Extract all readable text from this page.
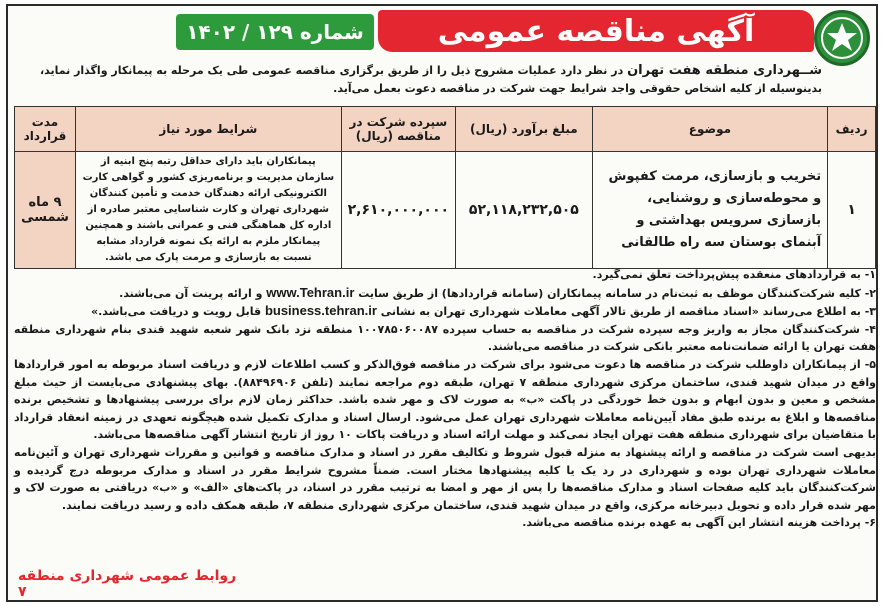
آگهی مناقصه عمومی
شماره ۱۲۹ / ۱۴۰۲
شــهرداری منطقه هفت تهران در نظر دارد عملیات مشروح ذیل را از طریق برگزاری مناقصه عمومی طی یک مرحله به پیمانکار واگذار نماید، بدینوسیله از کلیه اشخاص حقوقی واجد شرایط جهت شرکت در مناقصه دعوت بعمل می‌آید.
ردیف	موضوع	مبلغ برآورد (ریال)	سپرده شرکت در مناقصه (ریال)	شرایط مورد نیاز	مدت قرارداد
۱	تخریب و بازسازی، مرمت کفپوش و محوطه‌سازی و روشنایی، بازسازی سرویس بهداشتی و آبنمای بوستان سه راه طالقانی	۵۲,۱۱۸,۲۳۲,۵۰۵	۲,۶۱۰,۰۰۰,۰۰۰	پیمانکاران باید دارای حداقل رتبه پنج ابنیه از سازمان مدیریت و برنامه‌ریزی کشور و گواهی کارت الکترونیکی ارائه دهندگان خدمت و تأمین کنندگان شهرداری تهران و کارت شناسایی معتبر صادره از اداره کل هماهنگی فنی و عمرانی باشند و همچنین پیمانکار ملزم به ارائه یک نمونه قرارداد مشابه نسبت به بازسازی و مرمت پارک می باشد.	۹ ماه شمسی

۱- به قراردادهای منعقده پیش‌پرداخت تعلق نمی‌گیرد.

۲- کلیه شرکت‌کنندگان موظف به ثبت‌نام در سامانه پیمانکاران (سامانه قراردادها) از طریق سایت www.Tehran.ir و ارائه پرینت آن می‌باشند.

۳- به اطلاع می‌رساند «اسناد مناقصه از طریق تالار آگهی معاملات شهرداری تهران به نشانی business.tehran.ir قابل رویت و دریافت می‌باشد.»

۴- شرکت‌کنندگان مجاز به واریز وجه سپرده شرکت در مناقصه به حساب سپرده ۱۰۰۷۸۵۰۶۰۰۸۷ منطقه نزد بانک شهر شعبه شهید قندی بنام شهرداری منطقه هفت تهران یا ارائه ضمانت‌نامه معتبر بانکی شرکت در مناقصه می‌باشند.

۵- از پیمانکاران داوطلب شرکت در مناقصه ها دعوت می‌شود برای شرکت در مناقصه فوق‌الذکر و کسب اطلاعات لازم و دریافت اسناد مربوطه به امور قراردادها واقع در میدان شهید قندی، ساختمان مرکزی شهرداری منطقه ۷ تهران، طبقه دوم مراجعه نمایند (تلفن ۸۸۴۹۶۹۰۶). بهای پیشنهادی می‌بایست از حیث مبلغ مشخص و معین و بدون ابهام و بدون خط خوردگی در پاکت «ب» به صورت لاک و مهر شده باشد. حداکثر زمان لازم برای بررسی پیشنهادها و تشخیص برنده مناقصه‌ها و ابلاغ به برنده طبق مفاد آیین‌نامه معاملات شهرداری تهران عمل می‌شود. ارسال اسناد و مدارک تکمیل شده هیچگونه تعهدی در زمینه انعقاد قرارداد با متقاضیان برای شهرداری منطقه هفت تهران ایجاد نمی‌کند و مهلت ارائه اسناد و دریافت پاکات ۱۰ روز از تاریخ انتشار آگهی مناقصه‌ها می‌باشد.

بدیهی است شرکت در مناقصه و ارائه پیشنهاد به منزله قبول شروط و تکالیف مقرر در اسناد و مدارک مناقصه و قوانین و مقررات شهرداری تهران و آئین‌نامه معاملات شهرداری تهران بوده و شهرداری در رد یک یا کلیه پیشنهادها مختار است. ضمناً مشروح شرایط مقرر در اسناد و مدارک مربوطه درج گردیده و شرکت‌کنندگان باید کلیه صفحات اسناد و مدارک مناقصه‌ها را پس از مهر و امضا به ترتیب مقرر در اسناد، در پاکت‌های «الف» و «ب» دریافتی به صورت لاک و مهر شده قرار داده و تحویل دبیرخانه مرکزی، واقع در میدان شهید قندی، ساختمان مرکزی شهرداری منطقه ۷، طبقه همکف داده و رسید دریافت نمایند.

۶- پرداخت هزینه انتشار این آگهی به عهده برنده مناقصه می‌باشد.

روابط عمومی شهرداری منطقه ۷
